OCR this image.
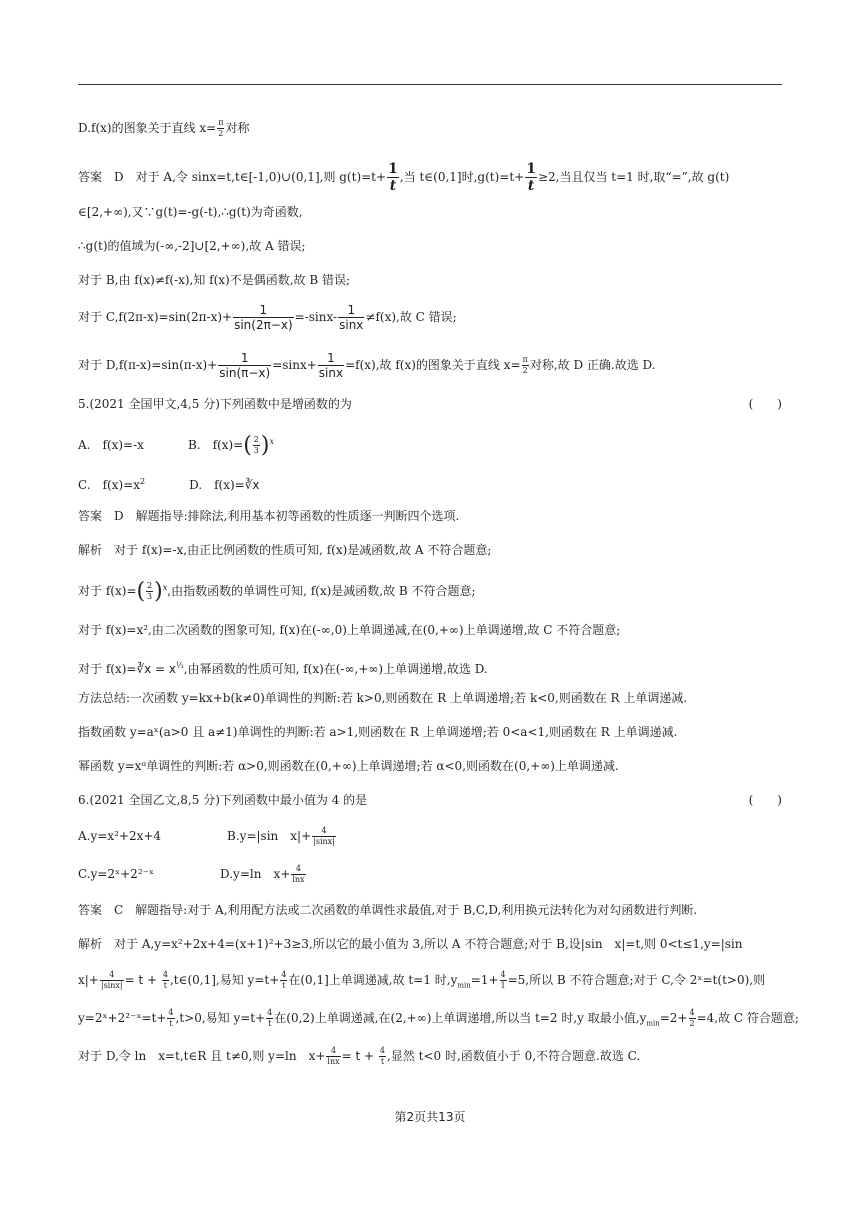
D.f(x)的图象关于直线 $x= \frac{\pi}{2}$ 对称
答案　D　对于 A,令 sinx=t,t∈[-1,0)∪(0,1],则 $g(t)=t+ \frac{1}{t}$ ,当 t∈(0,1]时$,g(t)=t+ \frac{1}{t} \ge 2$,当且仅当 t=1 时,取“=”,故 g(t)
∈[2,+∞),又∵g(t)=-g(-t),∴g(t)为奇函数,
∴g(t)的值域为(-∞,-2]∪[2,+∞),故 A 错误;
对于 B,由 f(x)≠f(-x),知 f(x)不是偶函数,故 B 错误;
对于 $C,f(2\pi-x)=\sin(2\pi-x)+ \frac{1}{\sin(2\pi-x)} =-\sin x- \frac{1}{\sin x} \ne f(x)$,故 C 错误;
对于 $D,f(\pi-x)=\sin(\pi-x)+ \frac{1}{\sin(\pi-x)} =\sin x+ \frac{1}{\sin x} =f(x)$,故 f(x)的图象关于直线 $x= \frac{\pi}{2}$ 对称,故 D 正确.故选 D.
5.(2021 全国甲文,4,5 分)下列函数中是增函数的为	(　　)
A.　f(x)=-x	B.　$f(x)=( \frac{2}{3} )^x$
C.　$f(x)=x^2$	D.　f(x)=∛x
答案　D　解题指导:排除法,利用基本初等函数的性质逐一判断四个选项.
解析　对于 f(x)=-x,由正比例函数的性质可知, f(x)是减函数,故 A 不符合题意;
对于 $f(x)=( \frac{2}{3} )^x$,由指数函数的单调性可知, f(x)是减函数,故 B 不符合题意;
对于 f(x)=x²,由二次函数的图象可知, f(x)在(-∞,0)上单调递减,在(0,+∞)上单调递增,故 C 不符合题意;
对于 f(x)=∛x = $x^{\frac{1}{3}}$,由幂函数的性质可知, f(x)在(-∞,+∞)上单调递增,故选 D.
方法总结:一次函数 y=kx+b(k≠0)单调性的判断:若 k>0,则函数在 R 上单调递增;若 k<0,则函数在 R 上单调递减.
指数函数 y=aˣ(a>0 且 a≠1)单调性的判断:若 a>1,则函数在 R 上单调递增;若 0<a<1,则函数在 R 上单调递减.
幂函数 y=xᵅ单调性的判断:若 α>0,则函数在(0,+∞)上单调递增;若 α<0,则函数在(0,+∞)上单调递减.
6.(2021 全国乙文,8,5 分)下列函数中最小值为 4 的是	(　　)
A.y=x²+2x+4	B.y=|sin　$x|+ \frac{4}{|\sin x|}$
C.y=2ˣ+2²⁻ˣ	D.y=ln　$x+ \frac{4}{\ln x}$
答案　C　解题指导:对于 A,利用配方法或二次函数的单调性求最值,对于 B,C,D,利用换元法转化为对勾函数进行判断.
解析　对于 A,y=x²+2x+4=(x+1)²+3≥3,所以它的最小值为 3,所以 A 不符合题意;对于 B,设|sin　x|=t,则 0<t≤1,y=|sin
$x|+ \frac{4}{|\sin x|} = t + \frac{4}{t}$ ,t∈(0,1],易知 $y=t+ \frac{4}{t}$ 在(0,1]上单调递减,故 t=1 时$,y_{min}=1+ \frac{4}{1} =5$,所以 B 不符合题意;对于 C,令 2ˣ=t(t>0),则
y=2ˣ+2²⁻ˣ=t+ $\frac{4}{t} ,t>0$,易知 $y=t+ \frac{4}{t}$ 在(0,2)上单调递减,在(2,+∞)上单调递增,所以当 t=2 时,y 取最小值$,y_{min}=2+ \frac{4}{2} =4$,故 C 符合题意;
对于 D,令 ln　x=t,t∈R 且 t≠0,则 y=ln　$x+ \frac{4}{\ln x} = t + \frac{4}{t}$ ,显然 t<0 时,函数值小于 0,不符合题意.故选 C.
第2页共13页
